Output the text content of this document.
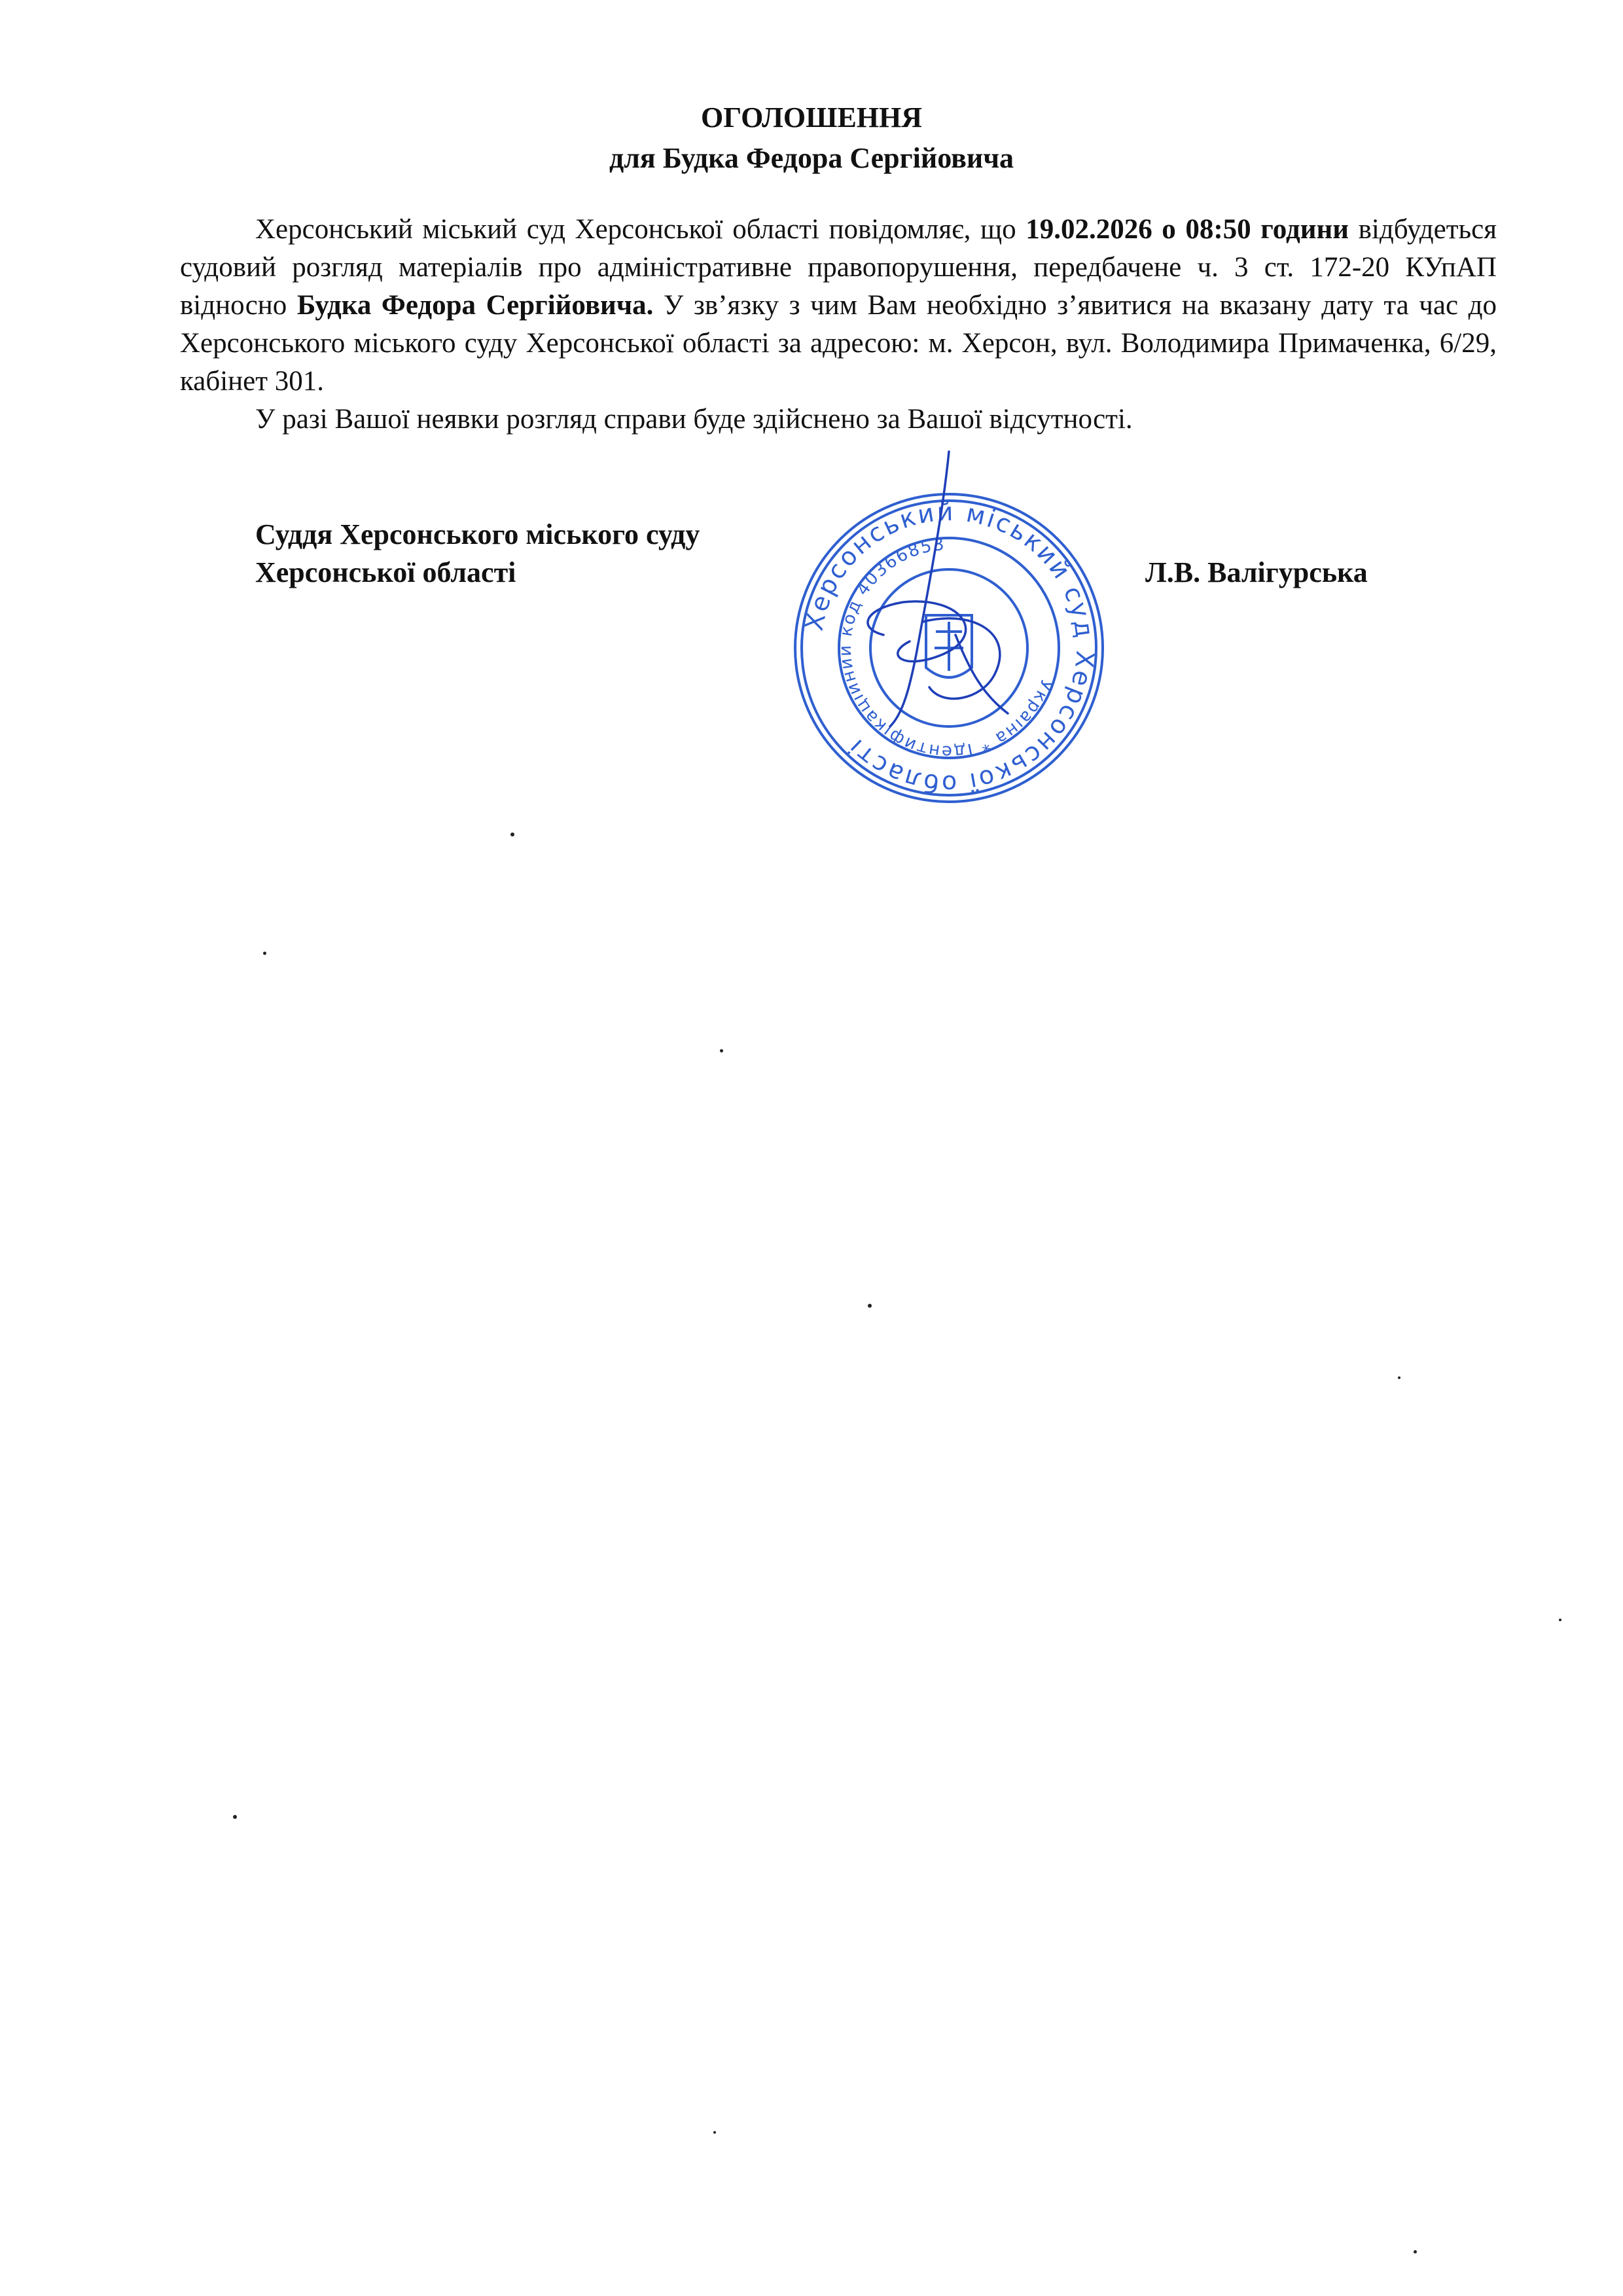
ОГОЛОШЕННЯ
для Будка Федора Сергійовича

Херсонський міський суд Херсонської області повідомляє, що 19.02.2026 о 08:50 години відбудеться судовий розгляд матеріалів про адміністративне правопорушення, передбачене ч. 3 ст. 172-20 КУпАП відносно Будка Федора Сергійовича. У зв’язку з чим Вам необхідно з’явитися на вказану дату та час до Херсонського міського суду Херсонської області за адресою: м. Херсон, вул. Володимира Примаченка, 6/29, кабінет 301.

У разі Вашої неявки розгляд справи буде здійснено за Вашої відсутності.

Суддя Херсонського міського суду
Херсонської області	Л.В. Валігурська
Херсонський міський суд Херсонської області
Україна * Ідентифікаційний код 40366853
